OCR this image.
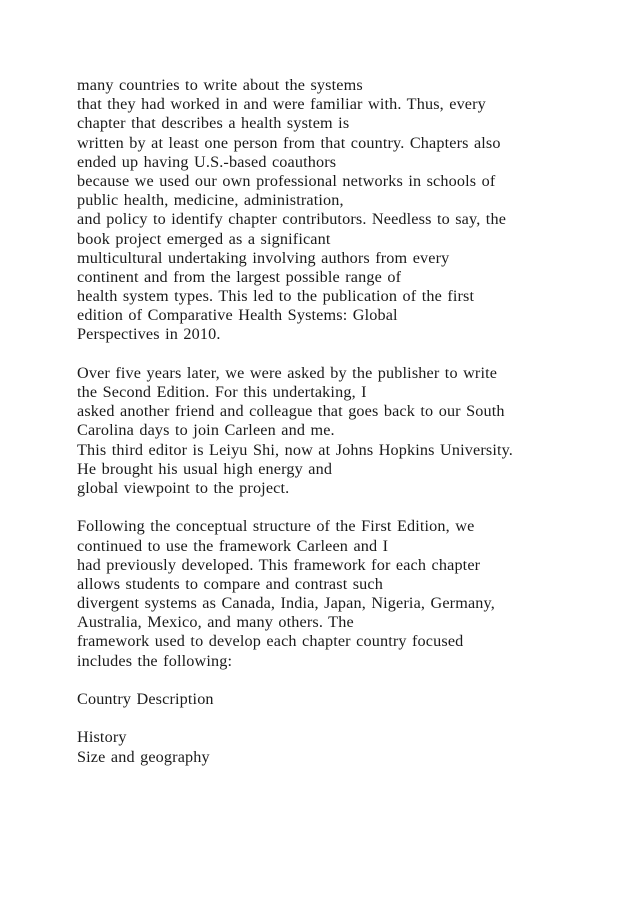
many countries to write about the systems
that they had worked in and were familiar with. Thus, every
chapter that describes a health system is
written by at least one person from that country. Chapters also
ended up having U.S.-based coauthors
because we used our own professional networks in schools of
public health, medicine, administration,
and policy to identify chapter contributors. Needless to say, the
book project emerged as a significant
multicultural undertaking involving authors from every
continent and from the largest possible range of
health system types. This led to the publication of the first
edition of Comparative Health Systems: Global
Perspectives in 2010.
Over five years later, we were asked by the publisher to write
the Second Edition. For this undertaking, I
asked another friend and colleague that goes back to our South
Carolina days to join Carleen and me.
This third editor is Leiyu Shi, now at Johns Hopkins University.
He brought his usual high energy and
global viewpoint to the project.
Following the conceptual structure of the First Edition, we
continued to use the framework Carleen and I
had previously developed. This framework for each chapter
allows students to compare and contrast such
divergent systems as Canada, India, Japan, Nigeria, Germany,
Australia, Mexico, and many others. The
framework used to develop each chapter country focused
includes the following:
Country Description
History
Size and geography
